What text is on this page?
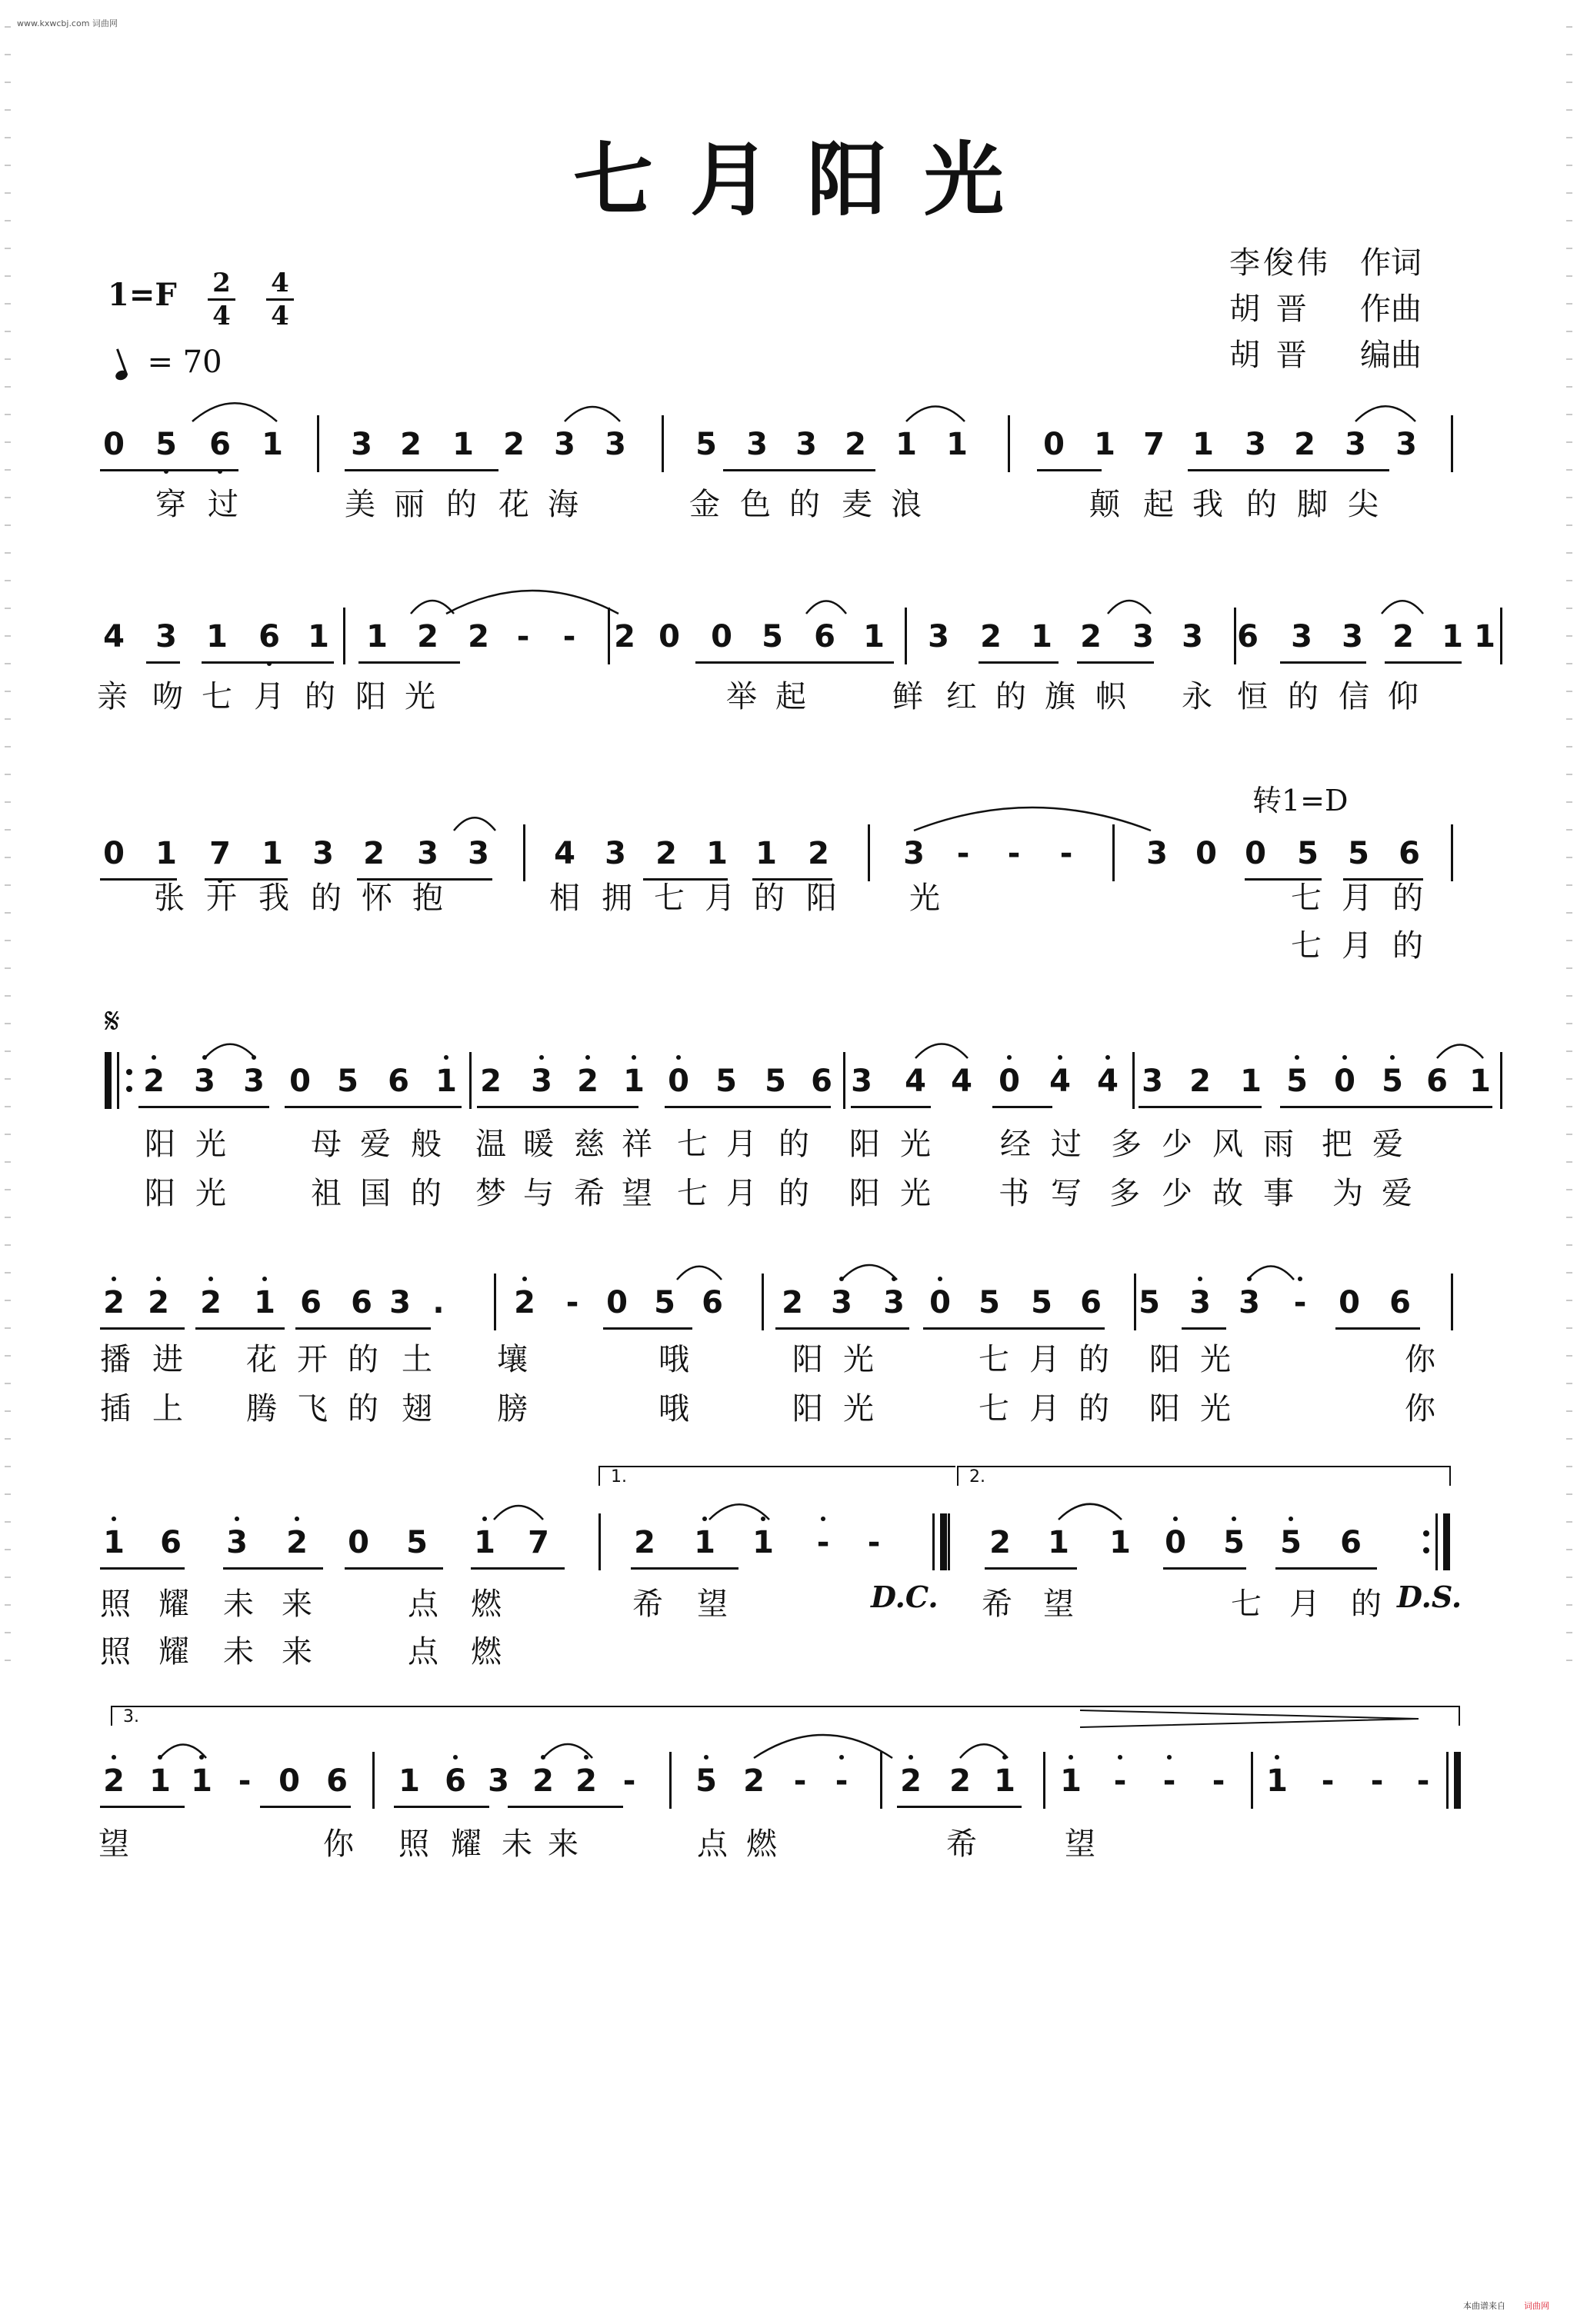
www.kxwcbj.com 词曲网
本曲谱来自 词曲网
七月阳光
1=F 2
4
4
4
= 70
李俊伟 作词
胡 晋	作曲
胡 晋	编曲
转1=D
𝄋
1.	2.
3.
0 5 6 1 3 2 1 2 3 3 5 3 3 2 1 1 0 1 7 1 3 2 3 3
穿 过	美 丽 的 花 海	金 色 的 麦 浪	颠 起 我 的 脚 尖
4 3 1 6 1 1 2 2 -	-	2 0 0 5 6 1 3 2 1 2 3 3 6 3 3 2 1 1
亲 吻 七 月 的 阳 光	举 起	鲜 红 的 旗 帜 永 恒 的 信 仰
0 1 7 1 3 2 3 3 4 3 2 1 1 2 3	-	-	-	3 0 0 5 5 6
张 开 我 的 怀 抱	相 拥 七 月 的 阳 光	七 月 的
七 月 的
2 3 3 0 5 6 1 2 3 2 1 0 5 5 6 3 4 4 0 4 4 3 2 1 5 0 5 6 1
阳 光	母 爱 般 温 暖 慈 祥 七 月 的 阳 光 经 过 多 少 风 雨 把 爱
阳 光	祖 国 的 梦 与 希 望 七 月 的 阳 光 书 写 多 少 故 事 为 爱
2 2 2 1 6 6 3 .	2 - 0 5 6 2 3 3 0 5 5 6 5 3 3	-	0 6
播 进 花 开 的 土 壤	哦	阳 光	七 月 的 阳 光	你
插 上 腾 飞 的 翅 膀	哦	阳 光	七 月 的 阳 光	你
1 6 3 2 0 5 1 7	2 1 1	-	-	2 1 1 0 5 5 6
照 耀 未 来	点 燃	希 望	希 望	七 月 的
照 耀 未 来	点 燃
2 1 1 - 0 6 1 6 3 2 2 -	5 2 - -	2 2 1 1	-	-	-	1	-	-	-
望	你 照 耀 未 来	点 燃	希	望
D.C.	D.S.
